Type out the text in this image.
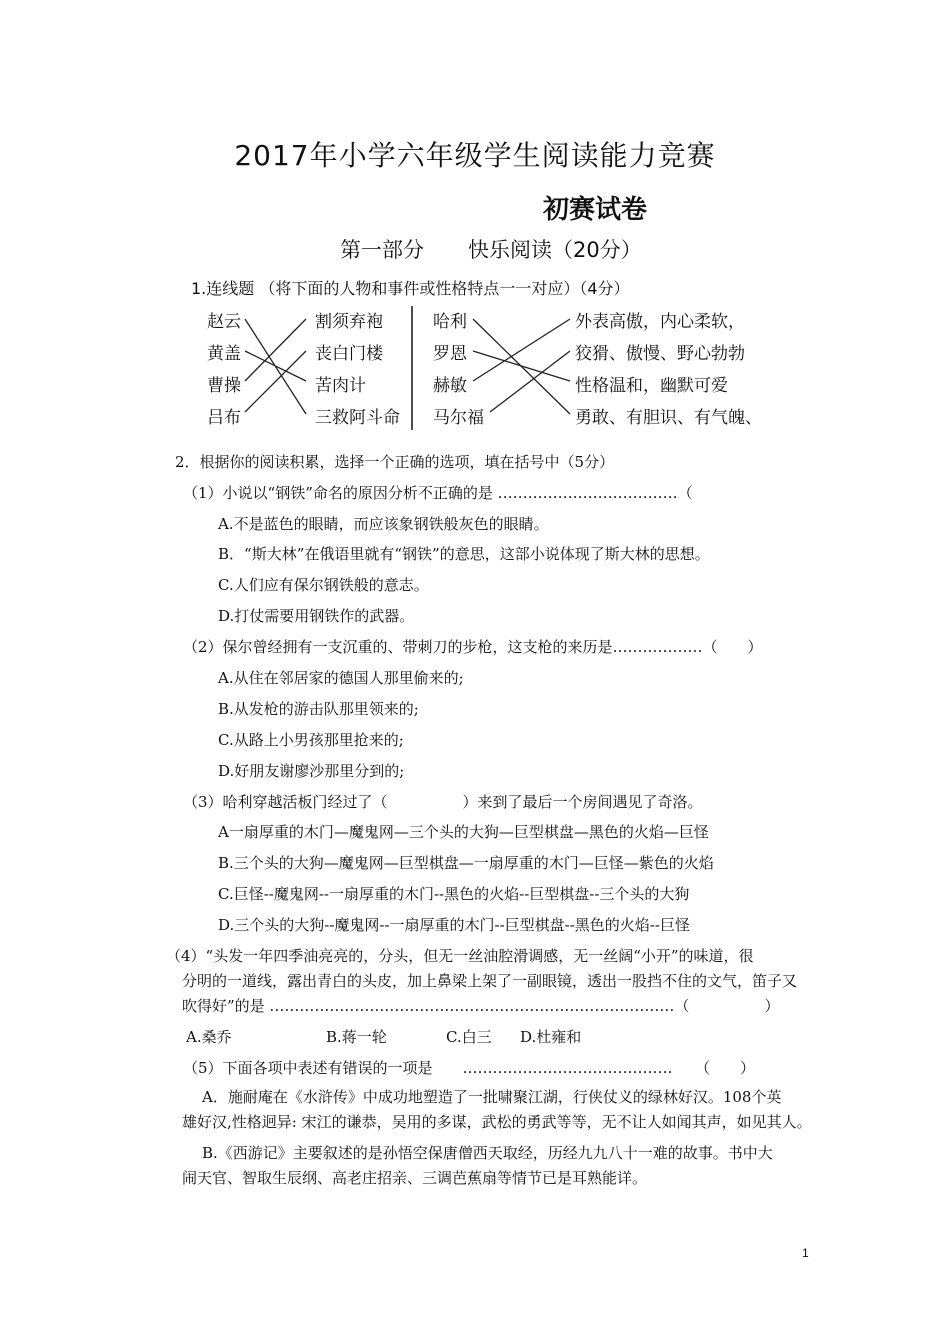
2017年小学六年级学生阅读能力竞赛
初赛试卷
第一部分 快乐阅读（20分）
1.连线题 （将下面的人物和事件或性格特点一一对应）（4分）
赵云
黄盖
曹操
吕布
割须弃袍
丧白门楼
苦肉计
三救阿斗命
哈利
罗恩
赫敏
马尔福
外表高傲，内心柔软，
狡猾、傲慢、野心勃勃
性格温和，幽默可爱
勇敢、有胆识、有气魄、
2．根据你的阅读积累，选择一个正确的选项，填在括号中（5分）
（1）小说以“钢铁”命名的原因分析不正确的是 ………………………………（
A.不是蓝色的眼睛，而应该象钢铁般灰色的眼睛。
B．“斯大林”在俄语里就有“钢铁”的意思，这部小说体现了斯大林的思想。
C.人们应有保尔钢铁般的意志。
D.打仗需要用钢铁作的武器。
（2）保尔曾经拥有一支沉重的、带刺刀的步枪，这支枪的来历是………………（　　）
A.从住在邻居家的德国人那里偷来的;
B.从发枪的游击队那里领来的;
C.从路上小男孩那里抢来的;
D.好朋友谢廖沙那里分到的;
（3）哈利穿越活板门经过了（　　　　　）来到了最后一个房间遇见了奇洛。
A一扇厚重的木门—魔鬼网—三个头的大狗—巨型棋盘—黑色的火焰—巨怪
B.三个头的大狗—魔鬼网—巨型棋盘—一扇厚重的木门—巨怪—紫色的火焰
C.巨怪--魔鬼网--一扇厚重的木门--黑色的火焰--巨型棋盘--三个头的大狗
D.三个头的大狗--魔鬼网--一扇厚重的木门--巨型棋盘--黑色的火焰--巨怪
（4）“头发一年四季油亮亮的，分头，但无一丝油腔滑调感，无一丝阔“小开”的味道，很
分明的一道线，露出青白的头皮，加上鼻梁上架了一副眼镜，透出一股挡不住的文气，笛子又
吹得好”的是 ………………………………………………………………………（　　　　　）
A.桑乔	B.蒋一轮	C.白三 D.杜雍和
（5）下面各项中表述有错误的一项是　　……………………………………　　（　　）
A．施耐庵在《水浒传》中成功地塑造了一批啸聚江湖，行侠仗义的绿林好汉。108个英
雄好汉,性格迥异: 宋江的谦恭，吴用的多谋，武松的勇武等等，无不让人如闻其声，如见其人。
B.《西游记》主要叙述的是孙悟空保唐僧西天取经，历经九九八十一难的故事。书中大
闹天官、智取生辰纲、高老庄招亲、三调芭蕉扇等情节已是耳熟能详。
1
